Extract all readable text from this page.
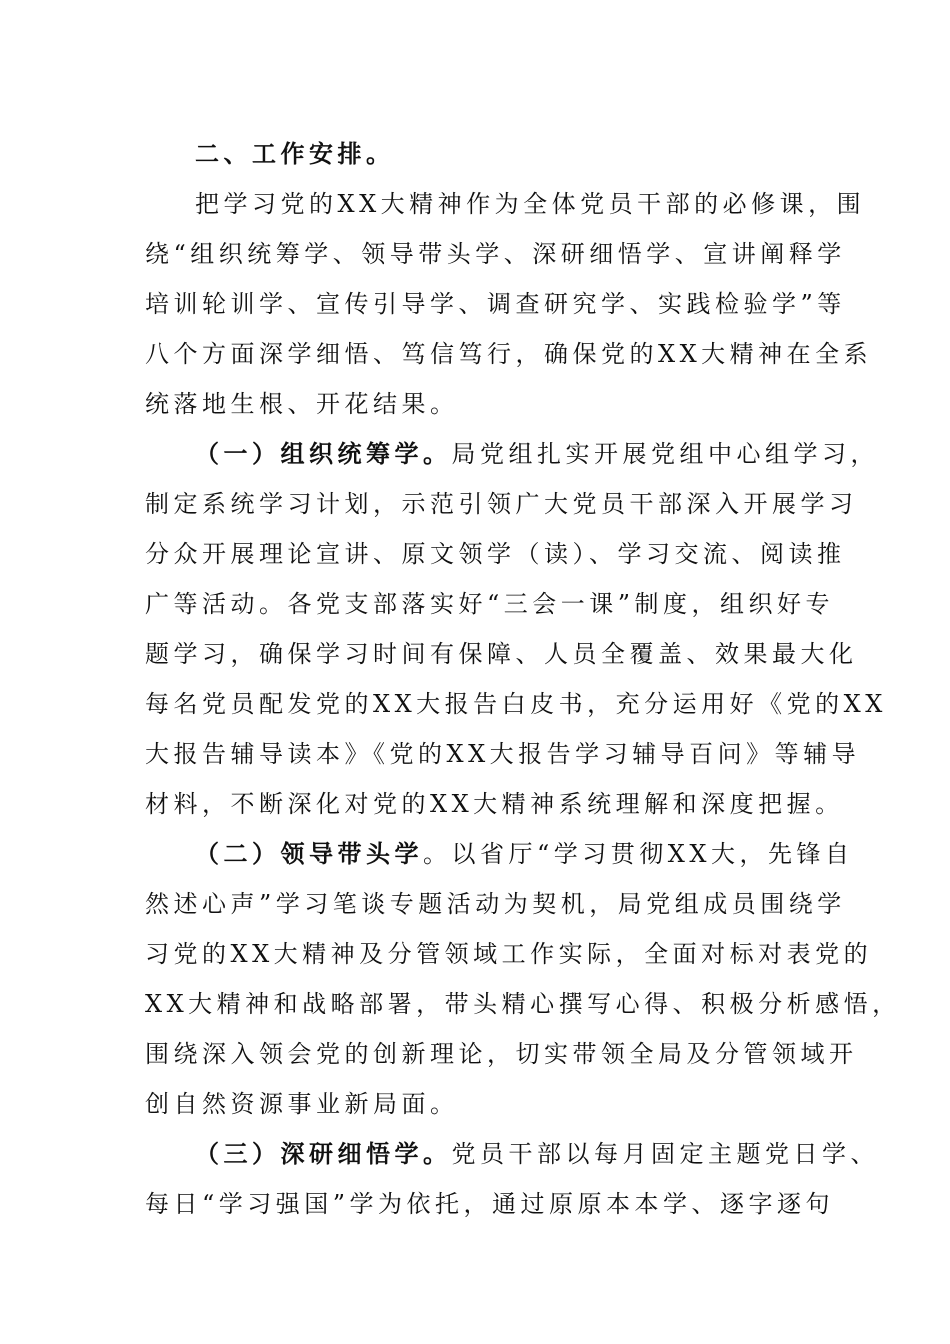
二、工作安排。
把学习党的XX大精神作为全体党员干部的必修课，围
绕“组织统筹学、领导带头学、深研细悟学、宣讲阐释学
培训轮训学、宣传引导学、调查研究学、实践检验学”等
八个方面深学细悟、笃信笃行，确保党的XX大精神在全系
统落地生根、开花结果。
（一）组织统筹学。局党组扎实开展党组中心组学习，
制定系统学习计划，示范引领广大党员干部深入开展学习
分众开展理论宣讲、原文领学（读）、学习交流、阅读推
广等活动。各党支部落实好“三会一课”制度，组织好专
题学习，确保学习时间有保障、人员全覆盖、效果最大化
每名党员配发党的XX大报告白皮书，充分运用好《党的XX
大报告辅导读本》《党的XX大报告学习辅导百问》等辅导
材料，不断深化对党的XX大精神系统理解和深度把握。
（二）领导带头学。以省厅“学习贯彻XX大，先锋自
然述心声”学习笔谈专题活动为契机，局党组成员围绕学
习党的XX大精神及分管领域工作实际，全面对标对表党的
XX大精神和战略部署，带头精心撰写心得、积极分析感悟，
围绕深入领会党的创新理论，切实带领全局及分管领域开
创自然资源事业新局面。
（三）深研细悟学。党员干部以每月固定主题党日学、
每日“学习强国”学为依托，通过原原本本学、逐字逐句
